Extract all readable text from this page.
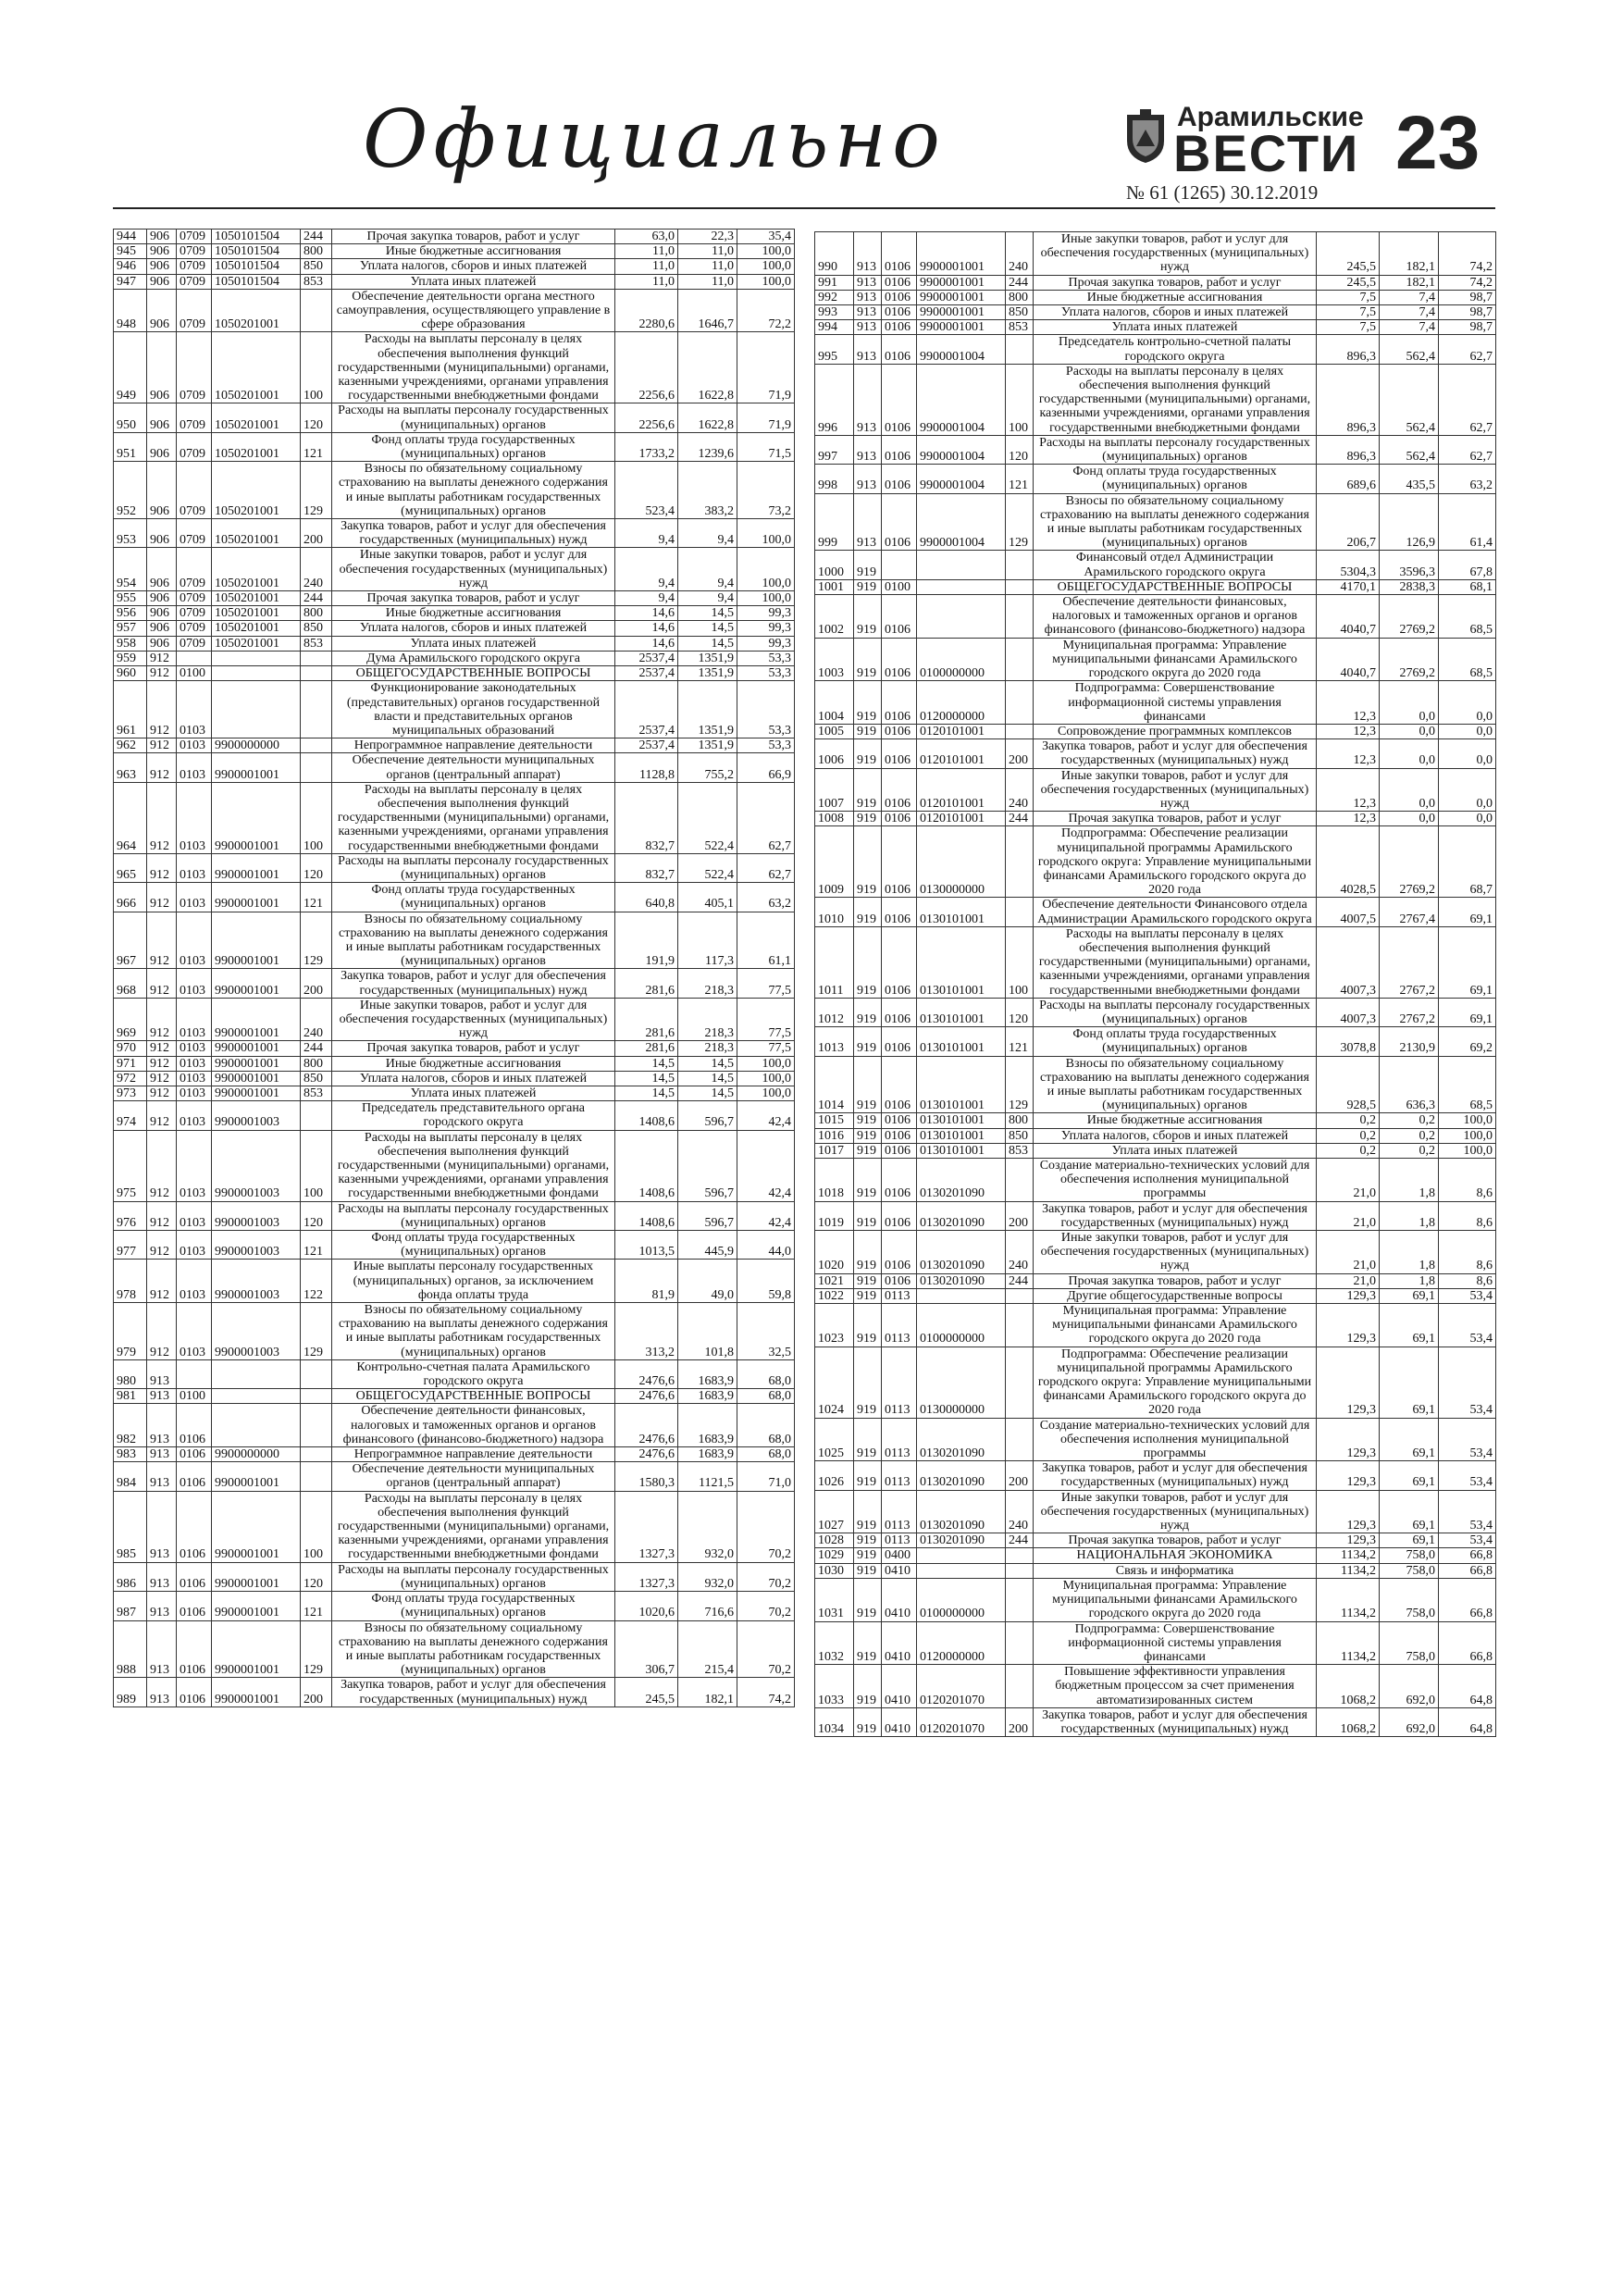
Официально	Арамильские
ВЕСТИ
№ 61 (1265) 30.12.2019
23
944	906	0709	1050101504	244	Прочая закупка товаров, работ и услуг	63,0	22,3	35,4
945	906	0709	1050101504	800	Иные бюджетные ассигнования	11,0	11,0	100,0
946	906	0709	1050101504	850	Уплата налогов, сборов и иных платежей	11,0	11,0	100,0
947	906	0709	1050101504	853	Уплата иных платежей	11,0	11,0	100,0
948	906	0709	1050201001		Обеспечение деятельности органа местного самоуправления, осуществляющего управление в сфере образования	2280,6	1646,7	72,2
949	906	0709	1050201001	100	Расходы на выплаты персоналу в целях обеспечения выполнения функций государственными (муниципальными) органами, казенными учреждениями, органами управления государственными внебюджетными фондами	2256,6	1622,8	71,9
950	906	0709	1050201001	120	Расходы на выплаты персоналу государственных (муниципальных) органов	2256,6	1622,8	71,9
951	906	0709	1050201001	121	Фонд оплаты труда государственных (муниципальных) органов	1733,2	1239,6	71,5
952	906	0709	1050201001	129	Взносы по обязательному социальному страхованию на выплаты денежного содержания и иные выплаты работникам государственных (муниципальных) органов	523,4	383,2	73,2
953	906	0709	1050201001	200	Закупка товаров, работ и услуг для обеспечения государственных (муниципальных) нужд	9,4	9,4	100,0
954	906	0709	1050201001	240	Иные закупки товаров, работ и услуг для обеспечения государственных (муниципальных) нужд	9,4	9,4	100,0
955	906	0709	1050201001	244	Прочая закупка товаров, работ и услуг	9,4	9,4	100,0
956	906	0709	1050201001	800	Иные бюджетные ассигнования	14,6	14,5	99,3
957	906	0709	1050201001	850	Уплата налогов, сборов и иных платежей	14,6	14,5	99,3
958	906	0709	1050201001	853	Уплата иных платежей	14,6	14,5	99,3
959	912				Дума Арамильского городского округа	2537,4	1351,9	53,3
960	912	0100			ОБЩЕГОСУДАРСТВЕННЫЕ ВОПРОСЫ	2537,4	1351,9	53,3
961	912	0103			Функционирование законодательных (представительных) органов государственной власти и представительных органов муниципальных образований	2537,4	1351,9	53,3
962	912	0103	9900000000		Непрограммное направление деятельности	2537,4	1351,9	53,3
963	912	0103	9900001001		Обеспечение деятельности муниципальных органов (центральный аппарат)	1128,8	755,2	66,9
964	912	0103	9900001001	100	Расходы на выплаты персоналу в целях обеспечения выполнения функций государственными (муниципальными) органами, казенными учреждениями, органами управления государственными внебюджетными фондами	832,7	522,4	62,7
965	912	0103	9900001001	120	Расходы на выплаты персоналу государственных (муниципальных) органов	832,7	522,4	62,7
966	912	0103	9900001001	121	Фонд оплаты труда государственных (муниципальных) органов	640,8	405,1	63,2
967	912	0103	9900001001	129	Взносы по обязательному социальному страхованию на выплаты денежного содержания и иные выплаты работникам государственных (муниципальных) органов	191,9	117,3	61,1
968	912	0103	9900001001	200	Закупка товаров, работ и услуг для обеспечения государственных (муниципальных) нужд	281,6	218,3	77,5
969	912	0103	9900001001	240	Иные закупки товаров, работ и услуг для обеспечения государственных (муниципальных) нужд	281,6	218,3	77,5
970	912	0103	9900001001	244	Прочая закупка товаров, работ и услуг	281,6	218,3	77,5
971	912	0103	9900001001	800	Иные бюджетные ассигнования	14,5	14,5	100,0
972	912	0103	9900001001	850	Уплата налогов, сборов и иных платежей	14,5	14,5	100,0
973	912	0103	9900001001	853	Уплата иных платежей	14,5	14,5	100,0
974	912	0103	9900001003		Председатель представительного органа городского округа	1408,6	596,7	42,4
975	912	0103	9900001003	100	Расходы на выплаты персоналу в целях обеспечения выполнения функций государственными (муниципальными) органами, казенными учреждениями, органами управления государственными внебюджетными фондами	1408,6	596,7	42,4
976	912	0103	9900001003	120	Расходы на выплаты персоналу государственных (муниципальных) органов	1408,6	596,7	42,4
977	912	0103	9900001003	121	Фонд оплаты труда государственных (муниципальных) органов	1013,5	445,9	44,0
978	912	0103	9900001003	122	Иные выплаты персоналу государственных (муниципальных) органов, за исключением фонда оплаты труда	81,9	49,0	59,8
979	912	0103	9900001003	129	Взносы по обязательному социальному страхованию на выплаты денежного содержания и иные выплаты работникам государственных (муниципальных) органов	313,2	101,8	32,5
980	913				Контрольно-счетная палата Арамильского городского округа	2476,6	1683,9	68,0
981	913	0100			ОБЩЕГОСУДАРСТВЕННЫЕ ВОПРОСЫ	2476,6	1683,9	68,0
982	913	0106			Обеспечение деятельности финансовых, налоговых и таможенных органов и органов финансового (финансово-бюджетного) надзора	2476,6	1683,9	68,0
983	913	0106	9900000000		Непрограммное направление деятельности	2476,6	1683,9	68,0
984	913	0106	9900001001		Обеспечение деятельности муниципальных органов (центральный аппарат)	1580,3	1121,5	71,0
985	913	0106	9900001001	100	Расходы на выплаты персоналу в целях обеспечения выполнения функций государственными (муниципальными) органами, казенными учреждениями, органами управления государственными внебюджетными фондами	1327,3	932,0	70,2
986	913	0106	9900001001	120	Расходы на выплаты персоналу государственных (муниципальных) органов	1327,3	932,0	70,2
987	913	0106	9900001001	121	Фонд оплаты труда государственных (муниципальных) органов	1020,6	716,6	70,2
988	913	0106	9900001001	129	Взносы по обязательному социальному страхованию на выплаты денежного содержания и иные выплаты работникам государственных (муниципальных) органов	306,7	215,4	70,2
989	913	0106	9900001001	200	Закупка товаров, работ и услуг для обеспечения государственных (муниципальных) нужд	245,5	182,1	74,2
990	913	0106	9900001001	240	Иные закупки товаров, работ и услуг для обеспечения государственных (муниципальных) нужд	245,5	182,1	74,2
991	913	0106	9900001001	244	Прочая закупка товаров, работ и услуг	245,5	182,1	74,2
992	913	0106	9900001001	800	Иные бюджетные ассигнования	7,5	7,4	98,7
993	913	0106	9900001001	850	Уплата налогов, сборов и иных платежей	7,5	7,4	98,7
994	913	0106	9900001001	853	Уплата иных платежей	7,5	7,4	98,7
995	913	0106	9900001004		Председатель контрольно-счетной палаты городского округа	896,3	562,4	62,7
996	913	0106	9900001004	100	Расходы на выплаты персоналу в целях обеспечения выполнения функций государственными (муниципальными) органами, казенными учреждениями, органами управления государственными внебюджетными фондами	896,3	562,4	62,7
997	913	0106	9900001004	120	Расходы на выплаты персоналу государственных (муниципальных) органов	896,3	562,4	62,7
998	913	0106	9900001004	121	Фонд оплаты труда государственных (муниципальных) органов	689,6	435,5	63,2
999	913	0106	9900001004	129	Взносы по обязательному социальному страхованию на выплаты денежного содержания и иные выплаты работникам государственных (муниципальных) органов	206,7	126,9	61,4
1000	919				Финансовый отдел Администрации Арамильского городского округа	5304,3	3596,3	67,8
1001	919	0100			ОБЩЕГОСУДАРСТВЕННЫЕ ВОПРОСЫ	4170,1	2838,3	68,1
1002	919	0106			Обеспечение деятельности финансовых, налоговых и таможенных органов и органов финансового (финансово-бюджетного) надзора	4040,7	2769,2	68,5
1003	919	0106	0100000000		Муниципальная программа: Управление муниципальными финансами Арамильского городского округа до 2020 года	4040,7	2769,2	68,5
1004	919	0106	0120000000		Подпрограмма: Совершенствование информационной системы управления финансами	12,3	0,0	0,0
1005	919	0106	0120101001		Сопровождение программных комплексов	12,3	0,0	0,0
1006	919	0106	0120101001	200	Закупка товаров, работ и услуг для обеспечения государственных (муниципальных) нужд	12,3	0,0	0,0
1007	919	0106	0120101001	240	Иные закупки товаров, работ и услуг для обеспечения государственных (муниципальных) нужд	12,3	0,0	0,0
1008	919	0106	0120101001	244	Прочая закупка товаров, работ и услуг	12,3	0,0	0,0
1009	919	0106	0130000000		Подпрограмма: Обеспечение реализации муниципальной программы Арамильского городского округа: Управление муниципальными финансами Арамильского городского округа до 2020 года	4028,5	2769,2	68,7
1010	919	0106	0130101001		Обеспечение деятельности Финансового отдела Администрации Арамильского городского округа	4007,5	2767,4	69,1
1011	919	0106	0130101001	100	Расходы на выплаты персоналу в целях обеспечения выполнения функций государственными (муниципальными) органами, казенными учреждениями, органами управления государственными внебюджетными фондами	4007,3	2767,2	69,1
1012	919	0106	0130101001	120	Расходы на выплаты персоналу государственных (муниципальных) органов	4007,3	2767,2	69,1
1013	919	0106	0130101001	121	Фонд оплаты труда государственных (муниципальных) органов	3078,8	2130,9	69,2
1014	919	0106	0130101001	129	Взносы по обязательному социальному страхованию на выплаты денежного содержания и иные выплаты работникам государственных (муниципальных) органов	928,5	636,3	68,5
1015	919	0106	0130101001	800	Иные бюджетные ассигнования	0,2	0,2	100,0
1016	919	0106	0130101001	850	Уплата налогов, сборов и иных платежей	0,2	0,2	100,0
1017	919	0106	0130101001	853	Уплата иных платежей	0,2	0,2	100,0
1018	919	0106	0130201090		Создание материально-технических условий для обеспечения исполнения муниципальной программы	21,0	1,8	8,6
1019	919	0106	0130201090	200	Закупка товаров, работ и услуг для обеспечения государственных (муниципальных) нужд	21,0	1,8	8,6
1020	919	0106	0130201090	240	Иные закупки товаров, работ и услуг для обеспечения государственных (муниципальных) нужд	21,0	1,8	8,6
1021	919	0106	0130201090	244	Прочая закупка товаров, работ и услуг	21,0	1,8	8,6
1022	919	0113			Другие общегосударственные вопросы	129,3	69,1	53,4
1023	919	0113	0100000000		Муниципальная программа: Управление муниципальными финансами Арамильского городского округа до 2020 года	129,3	69,1	53,4
1024	919	0113	0130000000		Подпрограмма: Обеспечение реализации муниципальной программы Арамильского городского округа: Управление муниципальными финансами Арамильского городского округа до 2020 года	129,3	69,1	53,4
1025	919	0113	0130201090		Создание материально-технических условий для обеспечения исполнения муниципальной программы	129,3	69,1	53,4
1026	919	0113	0130201090	200	Закупка товаров, работ и услуг для обеспечения государственных (муниципальных) нужд	129,3	69,1	53,4
1027	919	0113	0130201090	240	Иные закупки товаров, работ и услуг для обеспечения государственных (муниципальных) нужд	129,3	69,1	53,4
1028	919	0113	0130201090	244	Прочая закупка товаров, работ и услуг	129,3	69,1	53,4
1029	919	0400			НАЦИОНАЛЬНАЯ ЭКОНОМИКА	1134,2	758,0	66,8
1030	919	0410			Связь и информатика	1134,2	758,0	66,8
1031	919	0410	0100000000		Муниципальная программа: Управление муниципальными финансами Арамильского городского округа до 2020 года	1134,2	758,0	66,8
1032	919	0410	0120000000		Подпрограмма: Совершенствование информационной системы управления финансами	1134,2	758,0	66,8
1033	919	0410	0120201070		Повышение эффективности управления бюджетным процессом за счет применения автоматизированных систем	1068,2	692,0	64,8
1034	919	0410	0120201070	200	Закупка товаров, работ и услуг для обеспечения государственных (муниципальных) нужд	1068,2	692,0	64,8
